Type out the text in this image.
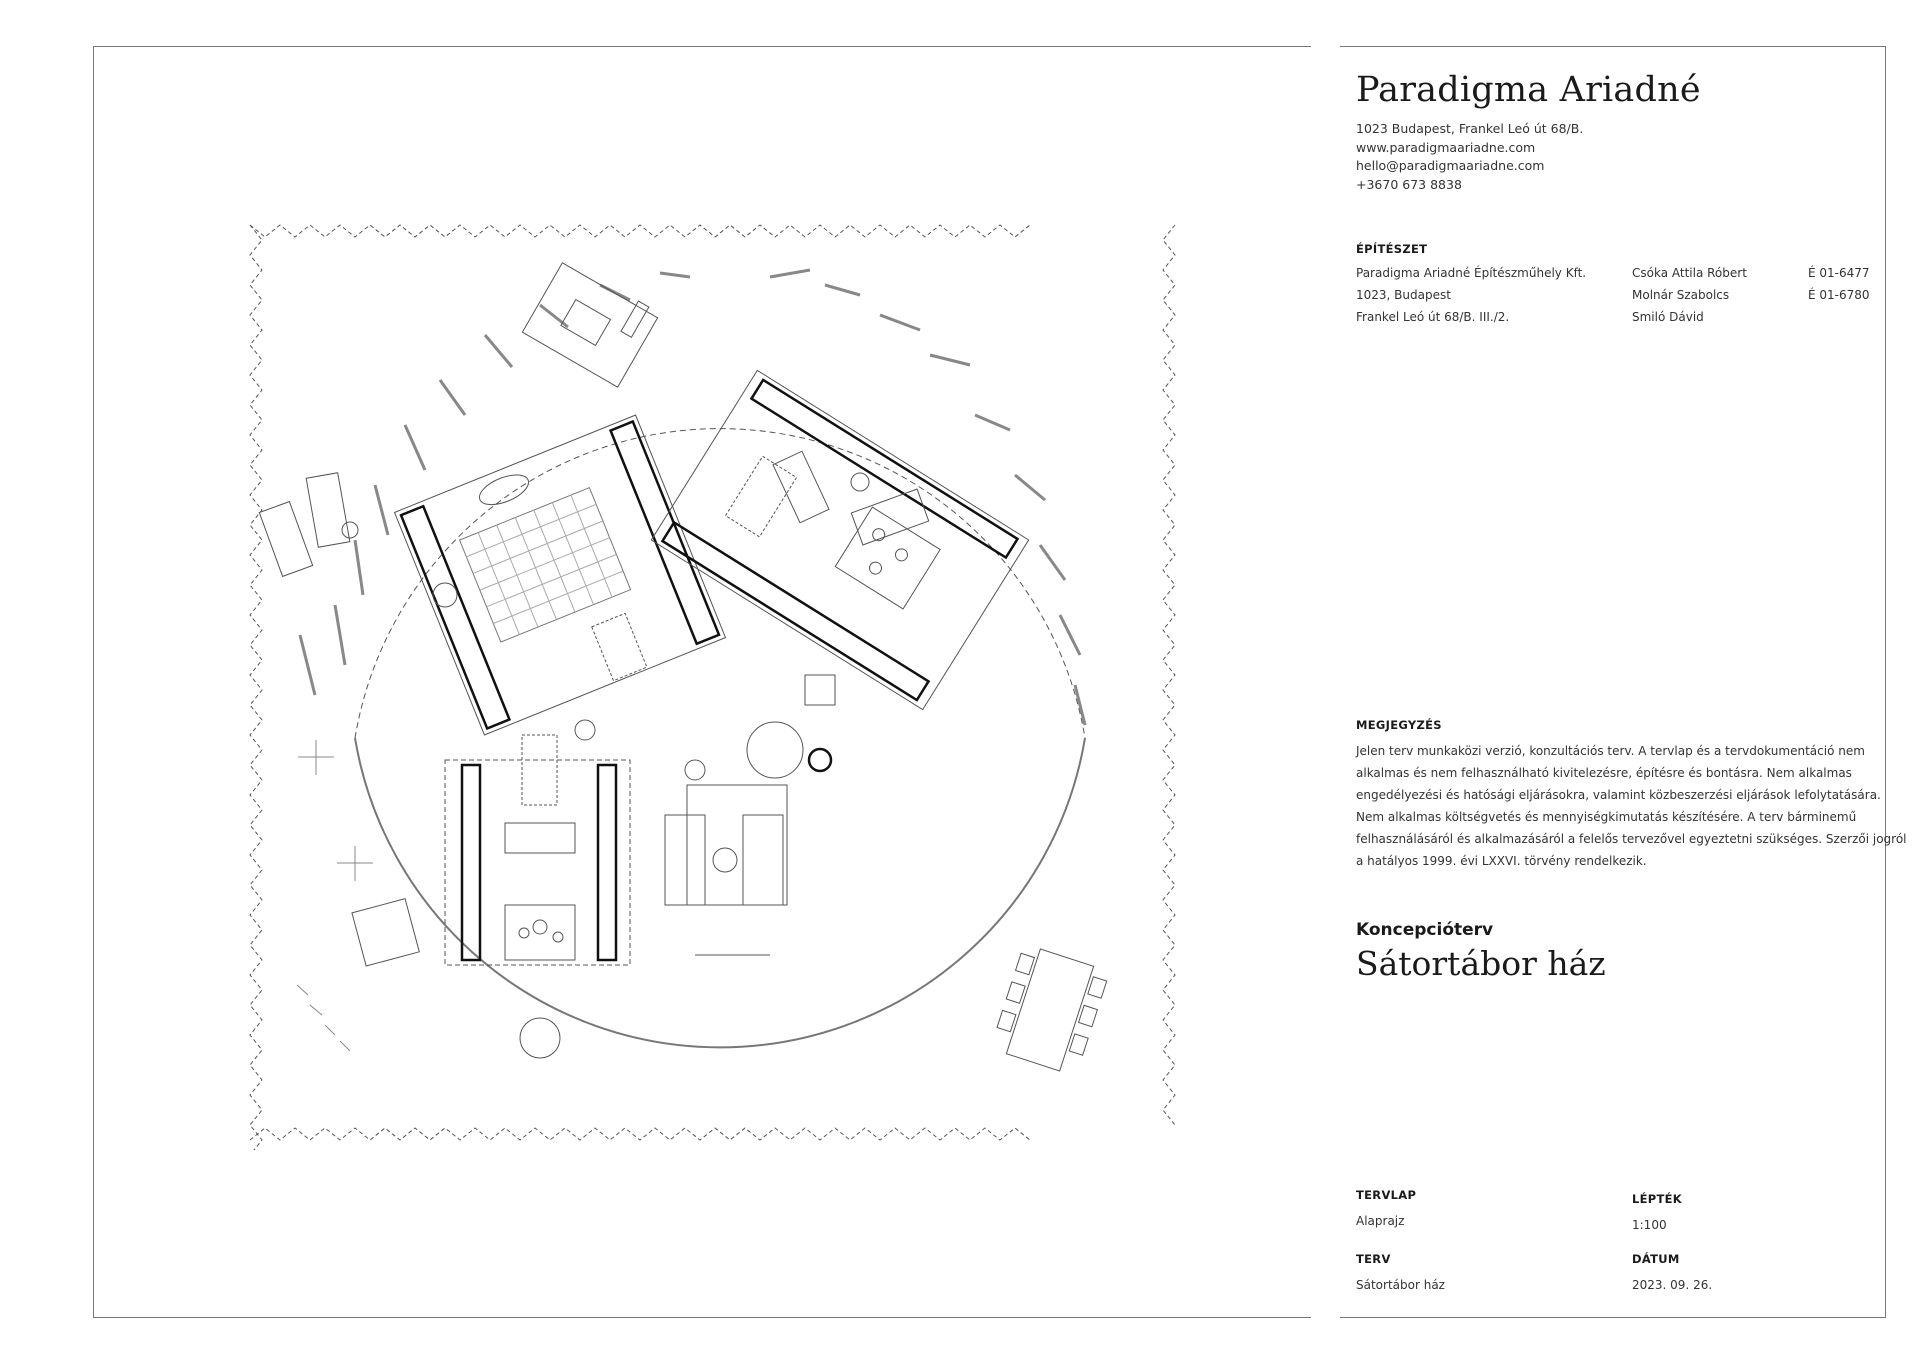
Paradigma Ariadné
1023 Budapest, Frankel Leó út 68/B.
www.paradigmaariadne.com
hello@paradigmaariadne.com
+3670 673 8838
ÉPÍTÉSZET
Paradigma Ariadné Építészműhely Kft.
1023, Budapest
Frankel Leó út 68/B. III./2.
Csóka Attila Róbert
Molnár Szabolcs
Smiló Dávid
É 01-6477
É 01-6780
MEGJEGYZÉS
Jelen terv munkaközi verzió, konzultációs terv. A tervlap és a tervdokumentáció nem
alkalmas és nem felhasználható kivitelezésre, építésre és bontásra. Nem alkalmas
engedélyezési és hatósági eljárásokra, valamint közbeszerzési eljárások lefolytatására.
Nem alkalmas költségvetés és mennyiségkimutatás készítésére. A terv bárminemű
felhasználásáról és alkalmazásáról a felelős tervezővel egyeztetni szükséges. Szerzői jogról
a hatályos 1999. évi LXXVI. törvény rendelkezik.
Koncepcióterv
Sátortábor ház
TERVLAP
Alaprajz
LÉPTÉK
1:100
TERV
Sátortábor ház
DÁTUM
2023. 09. 26.
